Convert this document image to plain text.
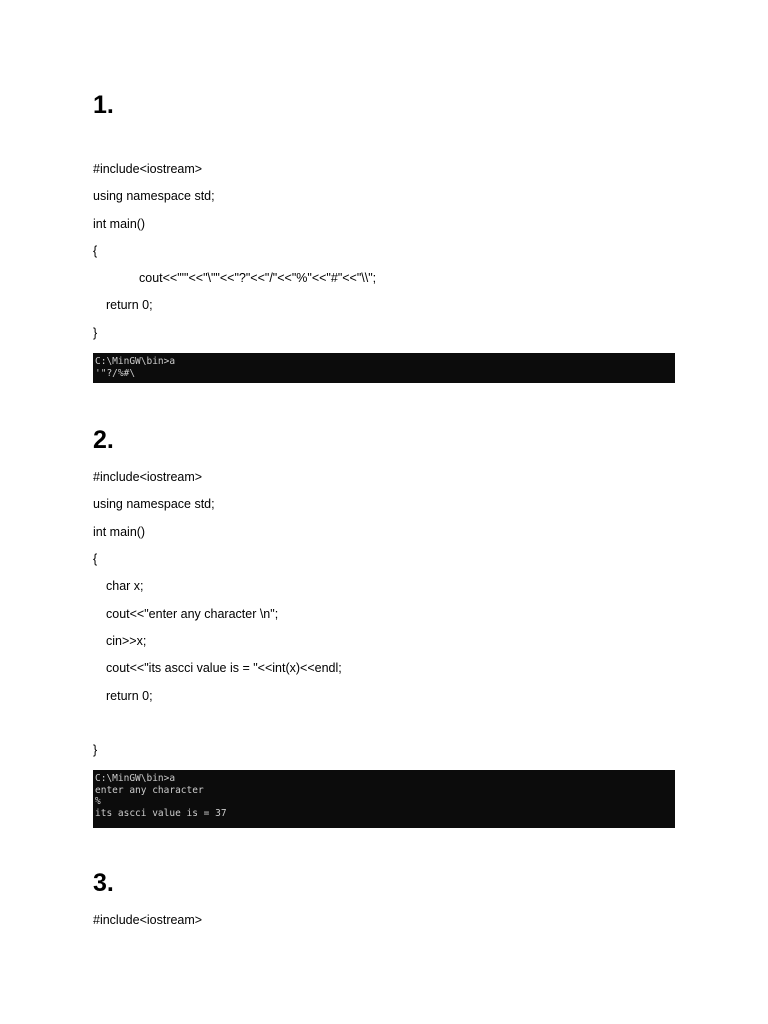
1.

#include<iostream>

using namespace std;

int main()

{

cout<<"'"<<"\""<<"?"<<"/"<<"%"<<"#"<<"\\";

return 0;

}

C:\MinGW\bin>a
'"?/%#\
2.

#include<iostream>

using namespace std;

int main()

{

char x;

cout<<"enter any character \n";

cin>>x;

cout<<"its ascci value is = "<<int(x)<<endl;

return 0;

}

C:\MinGW\bin>a
enter any character
%
its ascci value is = 37
3.

#include<iostream>
